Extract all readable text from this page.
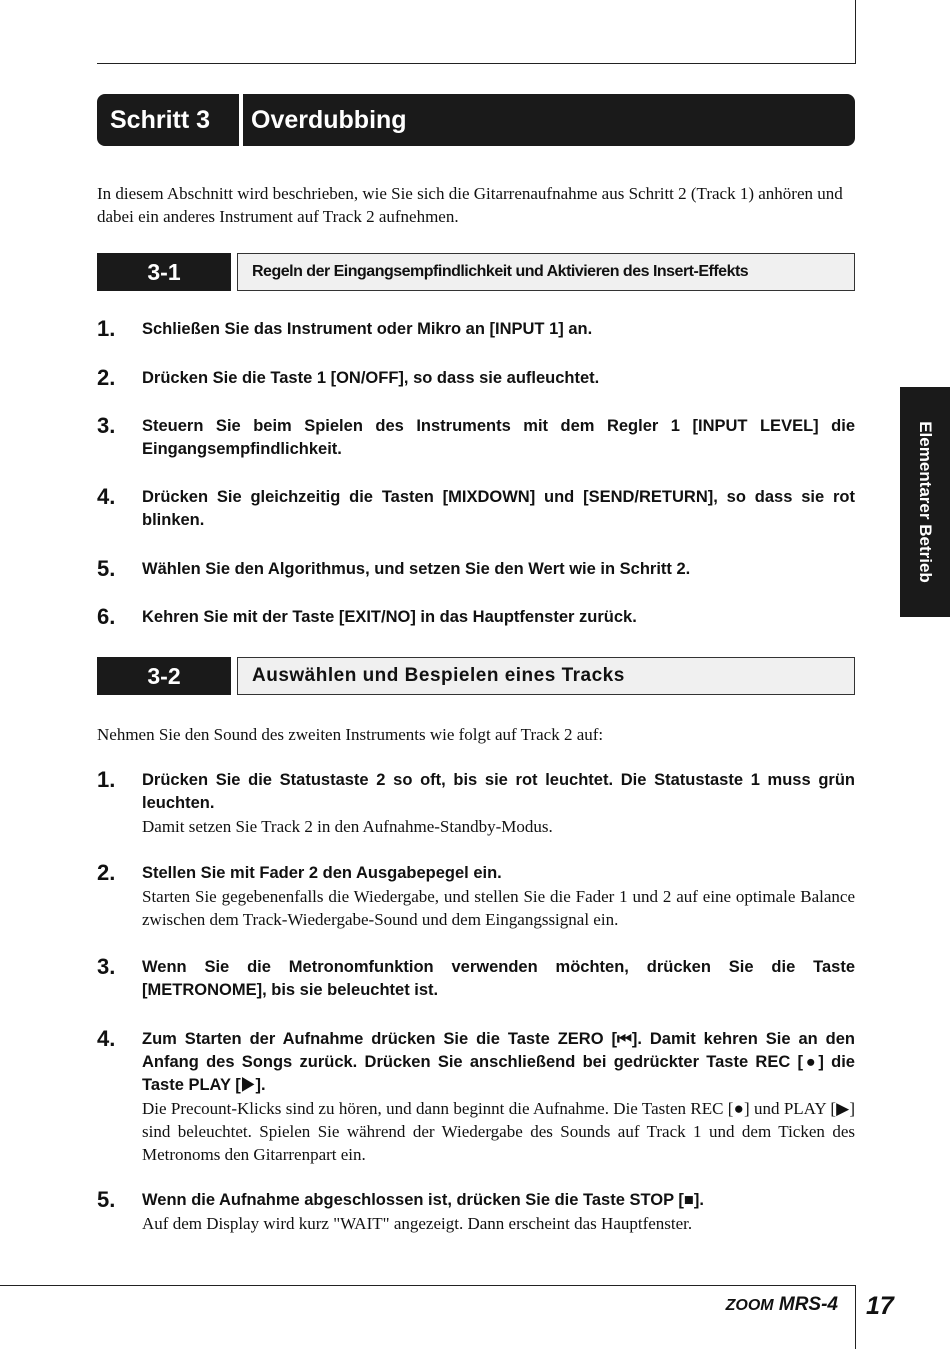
Schritt 3	Overdubbing
In diesem Abschnitt wird beschrieben, wie Sie sich die Gitarrenaufnahme aus Schritt 2 (Track 1) anhören und dabei ein anderes Instrument auf Track 2 aufnehmen.
3-1	Regeln der Eingangsempfindlichkeit und Aktivieren des Insert-Effekts
1. Schließen Sie das Instrument oder Mikro an [INPUT 1] an.
2. Drücken Sie die Taste 1 [ON/OFF], so dass sie aufleuchtet.
3. Steuern Sie beim Spielen des Instruments mit dem Regler 1 [INPUT LEVEL] die Eingangsempfindlichkeit.
4. Drücken Sie gleichzeitig die Tasten [MIXDOWN] und [SEND/RETURN], so dass sie rot blinken.
5. Wählen Sie den Algorithmus, und setzen Sie den Wert wie in Schritt 2.
6. Kehren Sie mit der Taste [EXIT/NO] in das Hauptfenster zurück.
3-2	Auswählen und Bespielen eines Tracks
Nehmen Sie den Sound des zweiten Instruments wie folgt auf Track 2 auf:
1. Drücken Sie die Statustaste 2 so oft, bis sie rot leuchtet. Die Statustaste 1 muss grün leuchten.
Damit setzen Sie Track 2 in den Aufnahme-Standby-Modus.
2. Stellen Sie mit Fader 2 den Ausgabepegel ein.
Starten Sie gegebenenfalls die Wiedergabe, und stellen Sie die Fader 1 und 2 auf eine optimale Balance zwischen dem Track-Wiedergabe-Sound und dem Eingangssignal ein.
3. Wenn Sie die Metronomfunktion verwenden möchten, drücken Sie die Taste [METRONOME], bis sie beleuchtet ist.
4. Zum Starten der Aufnahme drücken Sie die Taste ZERO [⏮]. Damit kehren Sie an den Anfang des Songs zurück. Drücken Sie anschließend bei gedrückter Taste REC [●] die Taste PLAY [▶].
Die Precount-Klicks sind zu hören, und dann beginnt die Aufnahme. Die Tasten REC [●] und PLAY [▶] sind beleuchtet. Spielen Sie während der Wiedergabe des Sounds auf Track 1 und dem Ticken des Metronoms den Gitarrenpart ein.
5. Wenn die Aufnahme abgeschlossen ist, drücken Sie die Taste STOP [■].
Auf dem Display wird kurz "WAIT" angezeigt. Dann erscheint das Hauptfenster.
Elementarer Betrieb
ZOOM MRS-4 17
